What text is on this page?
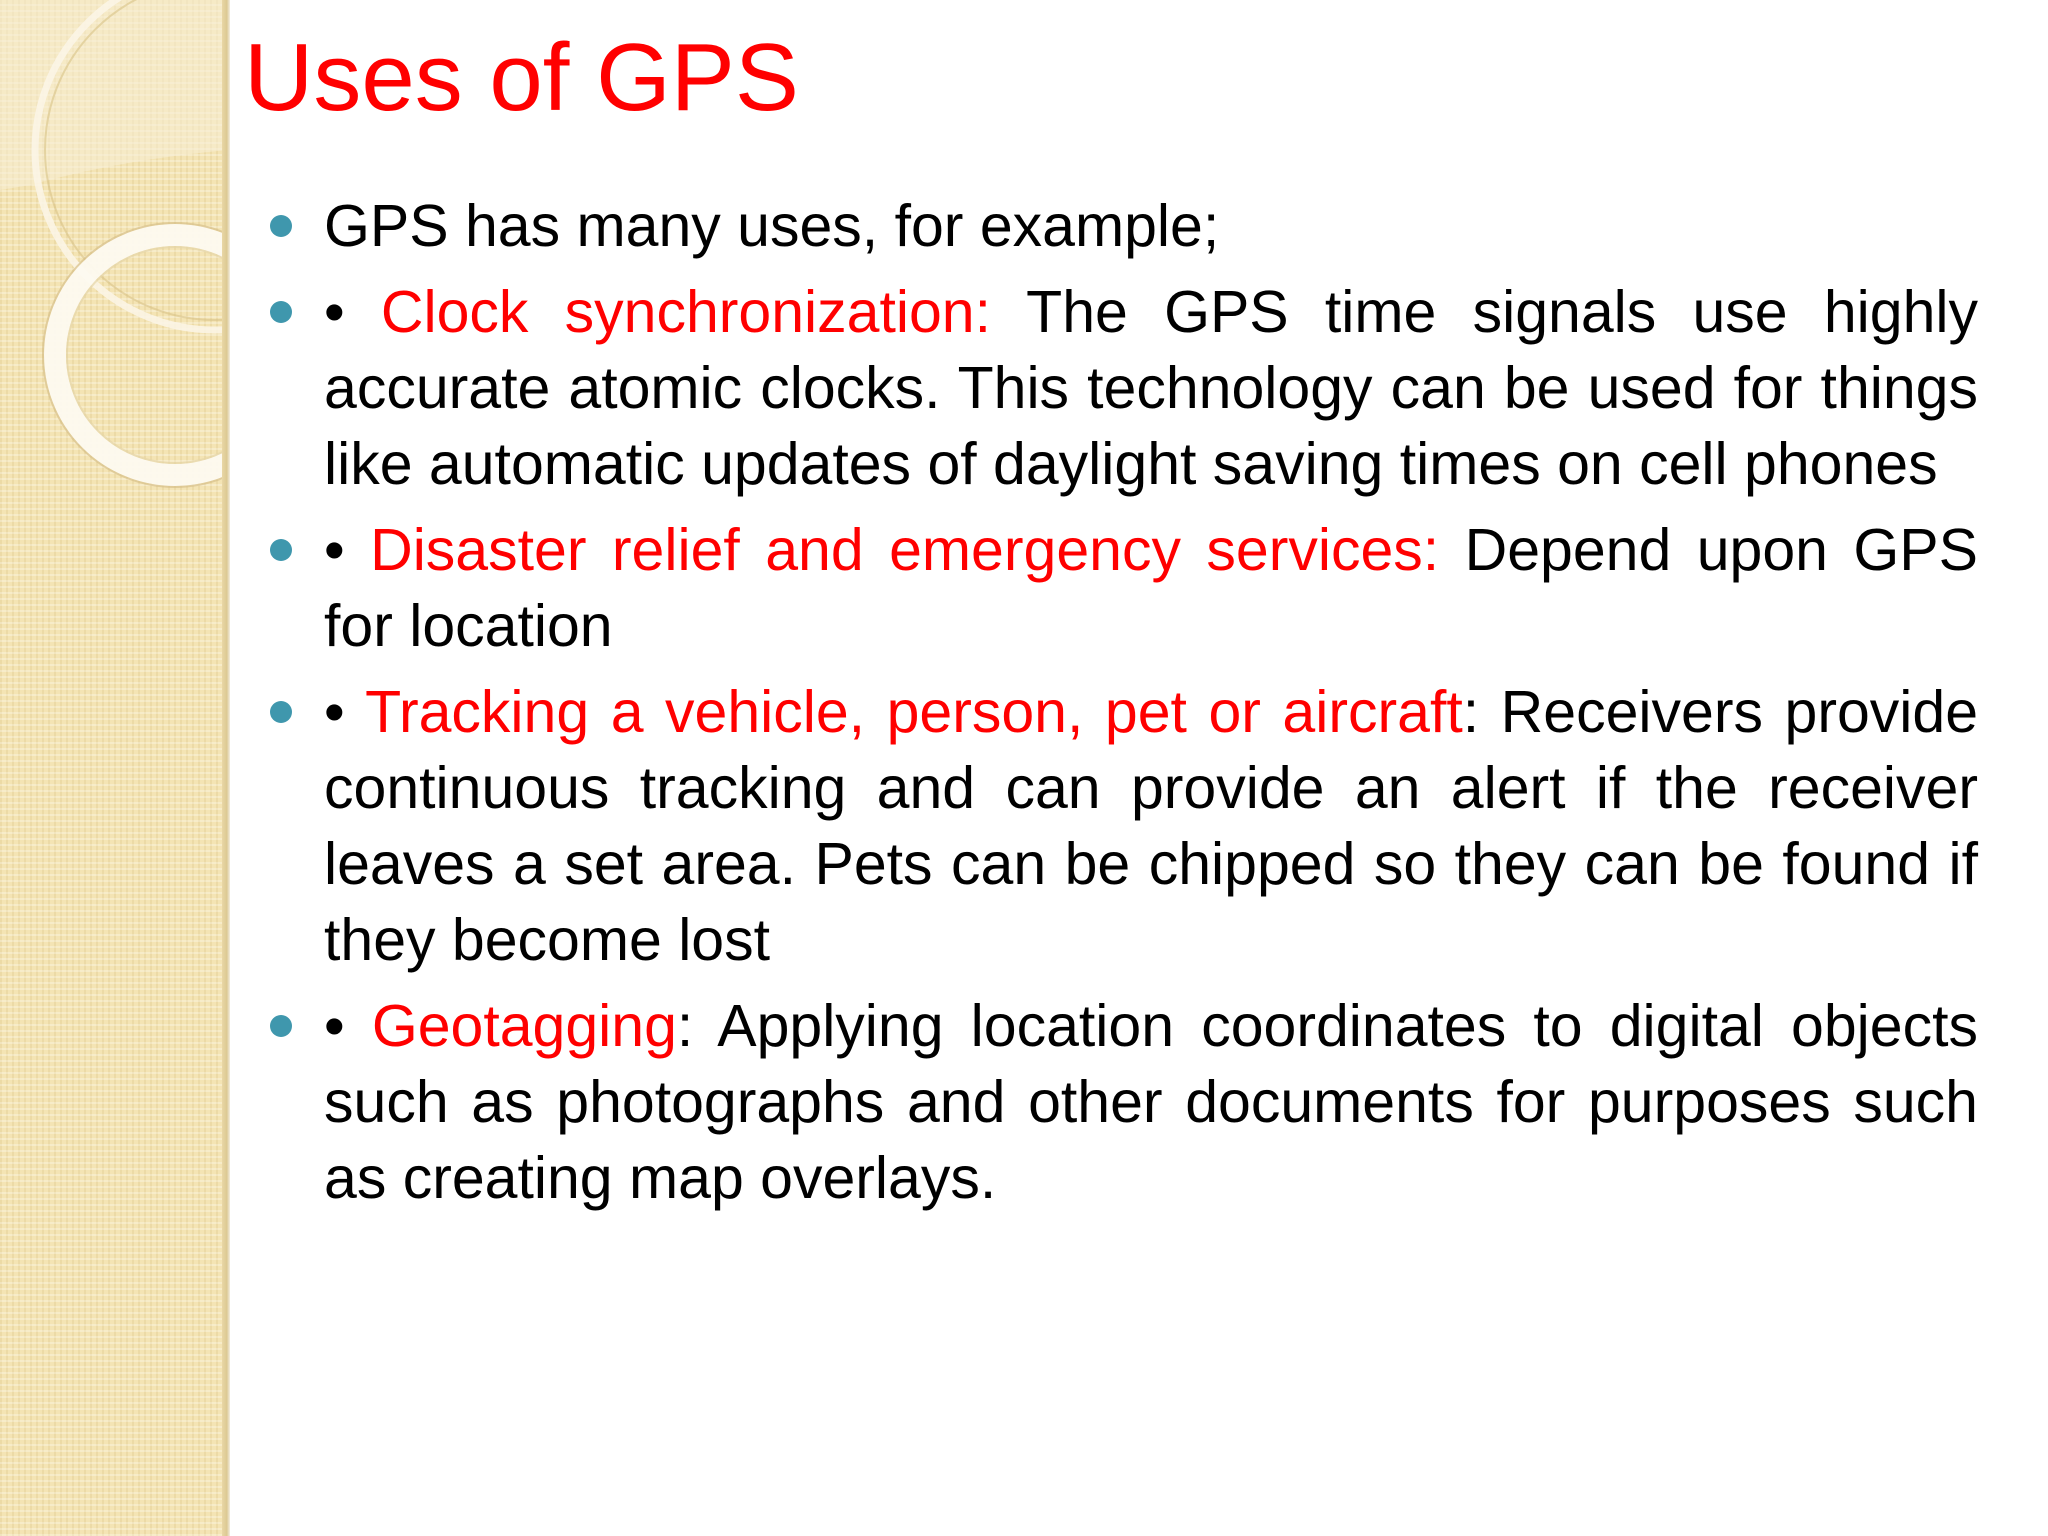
Uses of GPS
GPS has many uses, for example;
• Clock synchronization: The GPS time signals use highly accurate atomic clocks. This technology can be used for things like automatic updates of daylight saving times on cell phones
• Disaster relief and emergency services: Depend upon GPS for location
• Tracking a vehicle, person, pet or aircraft: Receivers provide continuous tracking and can provide an alert if the receiver leaves a set area. Pets can be chipped so they can be found if they become lost
• Geotagging: Applying location coordinates to digital objects such as photographs and other documents for purposes such as creating map overlays.
